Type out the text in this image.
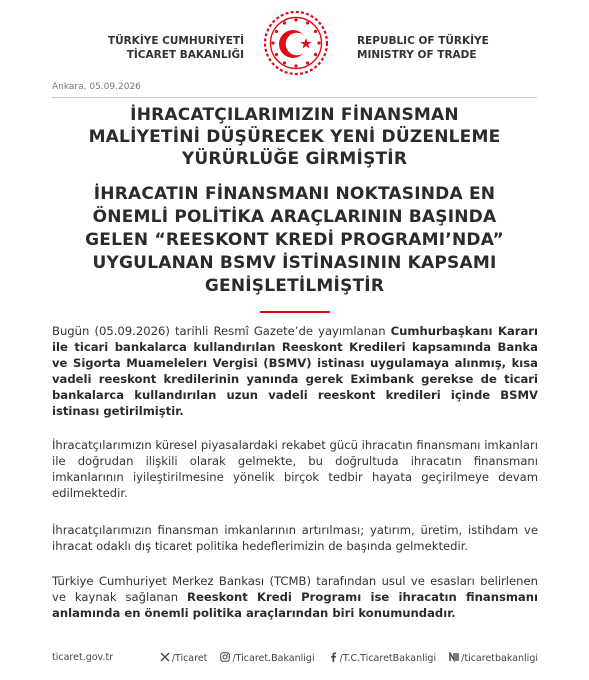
TÜRKİYE CUMHURİYETİ
TİCARET BAKANLIĞI
REPUBLIC OF TÜRKİYE
MINISTRY OF TRADE
Ankara, 05.09.2026
İHRACATÇILARIMIZIN FİNANSMAN
MALİYETİNİ DÜŞÜRECEK YENİ DÜZENLEME
YÜRÜRLÜĞE GİRMİŞTİR
İHRACATIN FİNANSMANI NOKTASINDA EN
ÖNEMLİ POLİTİKA ARAÇLARININ BAŞINDA
GELEN “REESKONT KREDİ PROGRAMI’NDA”
UYGULANAN BSMV İSTİNASININ KAPSAMI
GENİŞLETİLMİŞTİR
Bugün (05.09.2026) tarihli Resmî Gazete’de yayımlanan Cumhurbaşkanı Kararı ile ticari bankalarca kullandırılan Reeskont Kredileri kapsamında Banka ve Sigorta Muamelelerı Vergisi (BSMV) istinası uygulamaya alınmış, kısa vadeli reeskont kredilerinin yanında gerek Eximbank gerekse de ticari bankalarca kullandırılan uzun vadeli reeskont kredileri içinde BSMV istinası getirilmiştir.
İhracatçılarımızın küresel piyasalardaki rekabet gücü ihracatın finansmanı imkanları ile doğrudan ilişkili olarak gelmekte, bu doğrultuda ihracatın finansmanı imkanlarının iyileştirilmesine yönelik birçok tedbir hayata geçirilmeye devam edilmektedir.
İhracatçılarımızın finansman imkanlarının artırılması; yatırım, üretim, istihdam ve ihracat odaklı dış ticaret politika hedeflerimizin de başında gelmektedir.
Türkiye Cumhuriyet Merkez Bankası (TCMB) tarafından usul ve esasları belirlenen ve kaynak sağlanan Reeskont Kredi Programı ise ihracatın finansmanı anlamında en önemli politika araçlarından biri konumundadır.
ticaret.gov.tr	/Ticaret	/Ticaret.Bakanligi	/T.C.TicaretBakanligi	/ticaretbakanligi
